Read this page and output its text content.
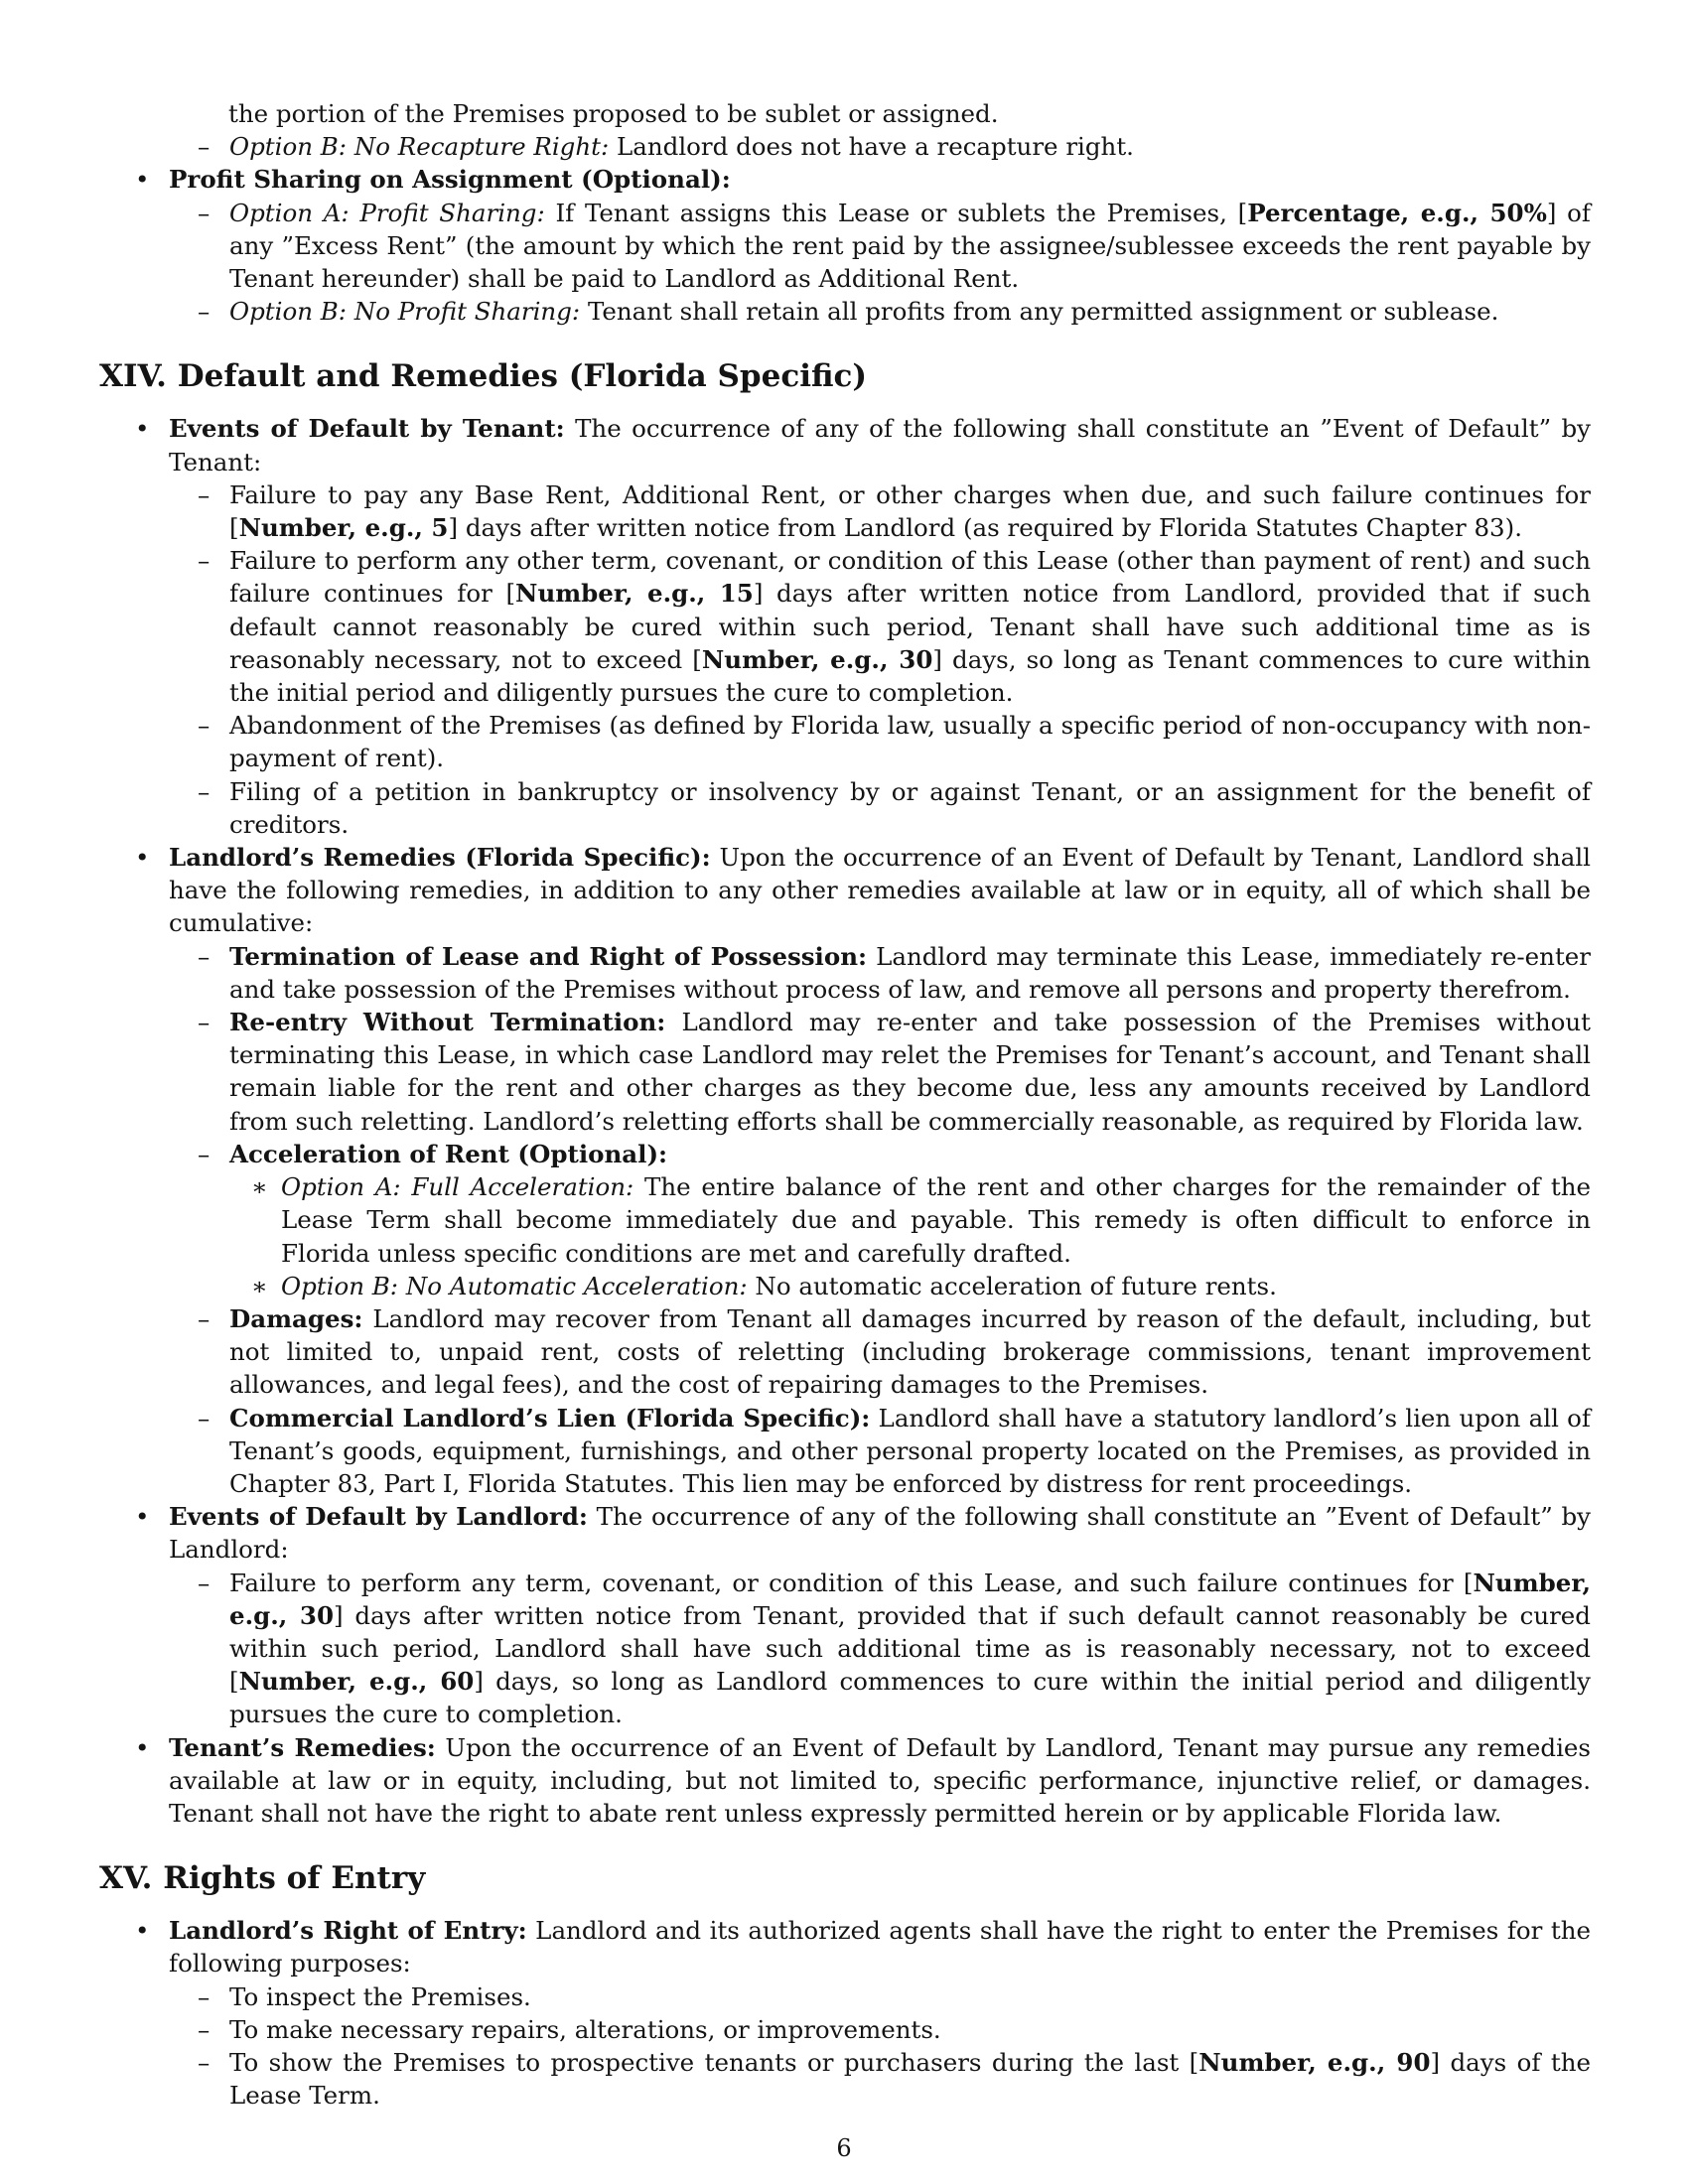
the portion of the Premises proposed to be sublet or assigned.
– Option B: No Recapture Right: Landlord does not have a recapture right.
• Profit Sharing on Assignment (Optional):
– Option A: Profit Sharing: If Tenant assigns this Lease or sublets the Premises, [Percentage, e.g., 50%] of any ”Excess Rent” (the amount by which the rent paid by the assignee/sublessee exceeds the rent payable by Tenant hereunder) shall be paid to Landlord as Additional Rent.
– Option B: No Profit Sharing: Tenant shall retain all profits from any permitted assignment or sublease.
XIV. Default and Remedies (Florida Specific)
• Events of Default by Tenant: The occurrence of any of the following shall constitute an ”Event of Default” by Tenant:
– Failure to pay any Base Rent, Additional Rent, or other charges when due, and such failure continues for [Number, e.g., 5] days after written notice from Landlord (as required by Florida Statutes Chapter 83).
– Failure to perform any other term, covenant, or condition of this Lease (other than payment of rent) and such failure continues for [Number, e.g., 15] days after written notice from Landlord, provided that if such default cannot reasonably be cured within such period, Tenant shall have such additional time as is reasonably necessary, not to exceed [Number, e.g., 30] days, so long as Tenant commences to cure within the initial period and diligently pursues the cure to completion.
– Abandonment of the Premises (as defined by Florida law, usually a specific period of non-occupancy with non-payment of rent).
– Filing of a petition in bankruptcy or insolvency by or against Tenant, or an assignment for the benefit of creditors.
• Landlord’s Remedies (Florida Specific): Upon the occurrence of an Event of Default by Tenant, Landlord shall have the following remedies, in addition to any other remedies available at law or in equity, all of which shall be cumulative:
– Termination of Lease and Right of Possession: Landlord may terminate this Lease, immediately re-enter and take possession of the Premises without process of law, and remove all persons and property therefrom.
– Re-entry Without Termination: Landlord may re-enter and take possession of the Premises without terminating this Lease, in which case Landlord may relet the Premises for Tenant’s account, and Tenant shall remain liable for the rent and other charges as they become due, less any amounts received by Landlord from such reletting. Landlord’s reletting efforts shall be commercially reasonable, as required by Florida law.
– Acceleration of Rent (Optional):
∗ Option A: Full Acceleration: The entire balance of the rent and other charges for the remainder of the Lease Term shall become immediately due and payable. This remedy is often difficult to enforce in Florida unless specific conditions are met and carefully drafted.
∗ Option B: No Automatic Acceleration: No automatic acceleration of future rents.
– Damages: Landlord may recover from Tenant all damages incurred by reason of the default, including, but not limited to, unpaid rent, costs of reletting (including brokerage commissions, tenant improvement allowances, and legal fees), and the cost of repairing damages to the Premises.
– Commercial Landlord’s Lien (Florida Specific): Landlord shall have a statutory landlord’s lien upon all of Tenant’s goods, equipment, furnishings, and other personal property located on the Premises, as provided in Chapter 83, Part I, Florida Statutes. This lien may be enforced by distress for rent proceedings.
• Events of Default by Landlord: The occurrence of any of the following shall constitute an ”Event of Default” by Landlord:
– Failure to perform any term, covenant, or condition of this Lease, and such failure continues for [Number, e.g., 30] days after written notice from Tenant, provided that if such default cannot reasonably be cured within such period, Landlord shall have such additional time as is reasonably necessary, not to exceed [Number, e.g., 60] days, so long as Landlord commences to cure within the initial period and diligently pursues the cure to completion.
• Tenant’s Remedies: Upon the occurrence of an Event of Default by Landlord, Tenant may pursue any remedies available at law or in equity, including, but not limited to, specific performance, injunctive relief, or damages. Tenant shall not have the right to abate rent unless expressly permitted herein or by applicable Florida law.
XV. Rights of Entry
• Landlord’s Right of Entry: Landlord and its authorized agents shall have the right to enter the Premises for the following purposes:
– To inspect the Premises.
– To make necessary repairs, alterations, or improvements.
– To show the Premises to prospective tenants or purchasers during the last [Number, e.g., 90] days of the Lease Term.
6
